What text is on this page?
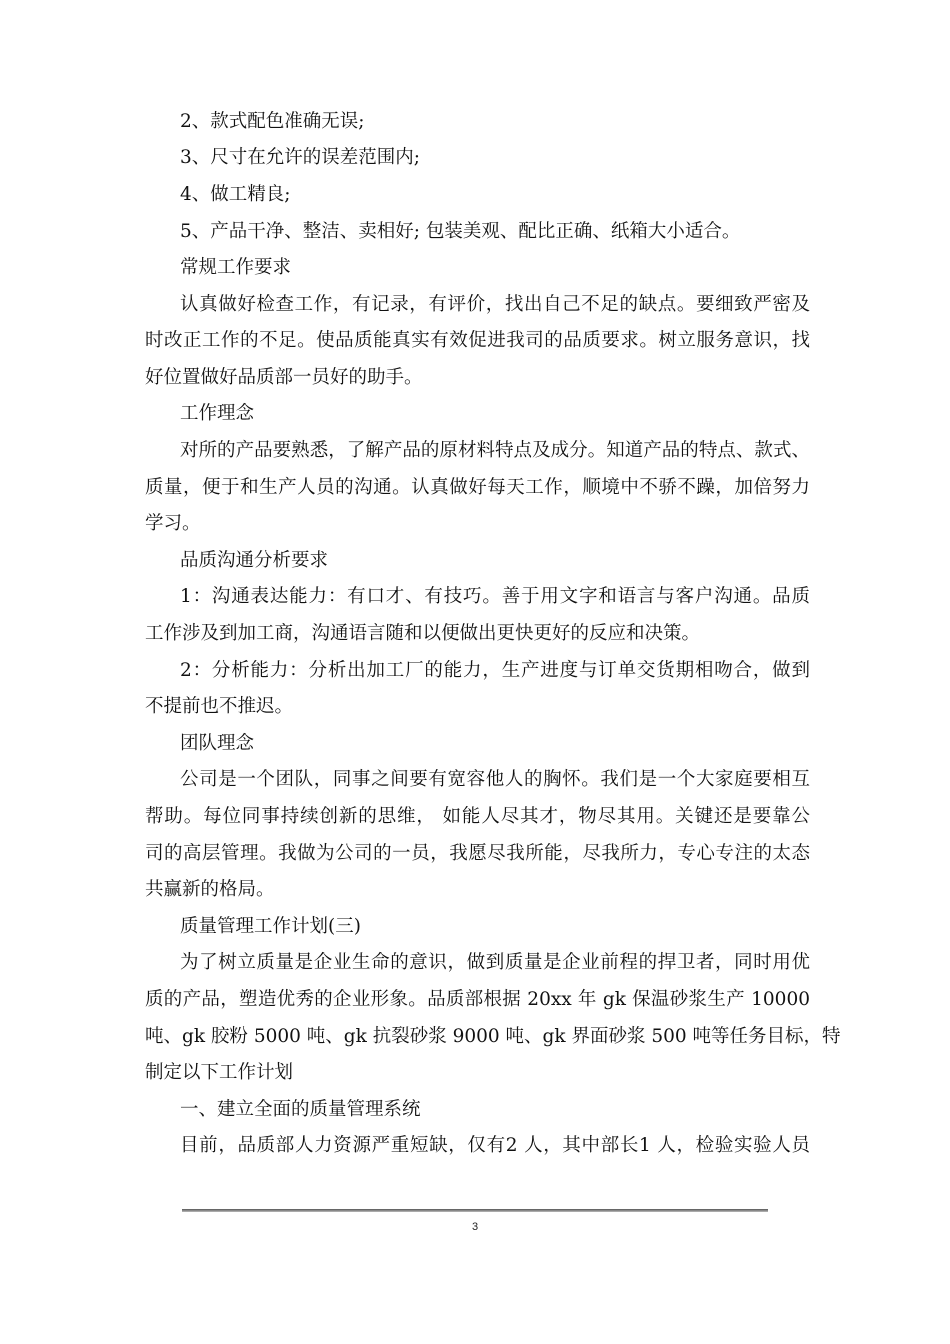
2、款式配色准确无误;
3、尺寸在允许的误差范围内;
4、做工精良;
5、产品干净、整洁、卖相好; 包装美观、配比正确、纸箱大小适合。
常规工作要求
认真做好检查工作，有记录，有评价，找出自己不足的缺点。要细致严密及
时改正工作的不足。使品质能真实有效促进我司的品质要求。树立服务意识，找
好位置做好品质部一员好的助手。
工作理念
对所的产品要熟悉，了解产品的原材料特点及成分。知道产品的特点、款式、
质量，便于和生产人员的沟通。认真做好每天工作，顺境中不骄不躁，加倍努力
学习。
品质沟通分析要求
1：沟通表达能力：有口才、有技巧。善于用文字和语言与客户沟通。品质
工作涉及到加工商，沟通语言随和以便做出更快更好的反应和决策。
2：分析能力：分析出加工厂的能力，生产进度与订单交货期相吻合，做到
不提前也不推迟。
团队理念
公司是一个团队，同事之间要有宽容他人的胸怀。我们是一个大家庭要相互
帮助。每位同事持续创新的思维， 如能人尽其才，物尽其用。关键还是要靠公
司的高层管理。我做为公司的一员，我愿尽我所能，尽我所力，专心专注的太态
共赢新的格局。
质量管理工作计划(三)
为了树立质量是企业生命的意识，做到质量是企业前程的捍卫者，同时用优
质的产品，塑造优秀的企业形象。品质部根据 20xx 年 gk 保温砂浆生产 10000
吨、gk 胶粉 5000 吨、gk 抗裂砂浆 9000 吨、gk 界面砂浆 500 吨等任务目标，特
制定以下工作计划
一、建立全面的质量管理系统
目前，品质部人力资源严重短缺，仅有2 人，其中部长1 人，检验实验人员
3
